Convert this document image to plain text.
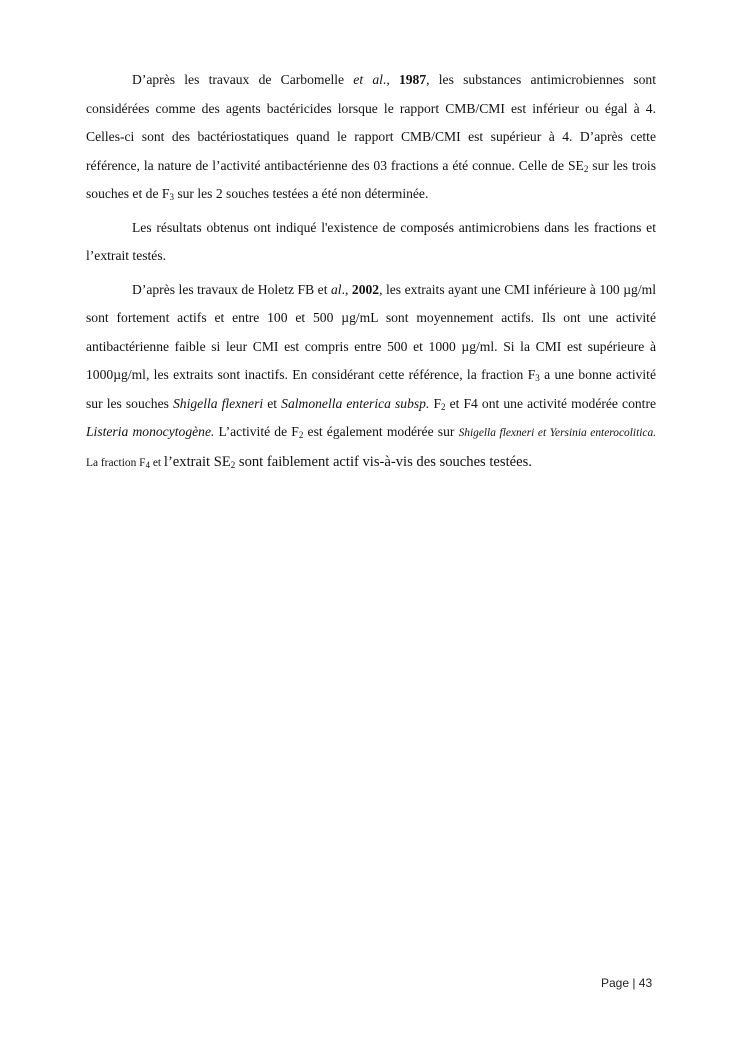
D’après les travaux de Carbomelle et al., 1987, les substances antimicrobiennes sont considérées comme des agents bactéricides lorsque le rapport CMB/CMI est inférieur ou égal à 4. Celles-ci sont des bactériostatiques quand le rapport CMB/CMI est supérieur à 4. D’après cette référence, la nature de l’activité antibactérienne des 03 fractions a été connue. Celle de $SE_2$ sur les trois souches et de $F_3$ sur les 2 souches testées a été non déterminée.

Les résultats obtenus ont indiqué l'existence de composés antimicrobiens dans les fractions et l’extrait testés.

D’après les travaux de Holetz FB et al., 2002, les extraits ayant une CMI inférieure à 100 µg/ml sont fortement actifs et entre 100 et 500 µg/mL sont moyennement actifs. Ils ont une activité antibactérienne faible si leur CMI est compris entre 500 et 1000 µg/ml. Si la CMI est supérieure à 1000µg/ml, les extraits sont inactifs. En considérant cette référence, la fraction $F_3$ a une bonne activité sur les souches Shigella flexneri et Salmonella enterica subsp. $F_2$ et F4 ont une activité modérée contre Listeria monocytogène. L’activité de $F_2$ est également modérée sur Shigella flexneri et Yersinia enterocolitica. La fraction $F_4$ et l’extrait $SE_2$ sont faiblement actif vis-à-vis des souches testées.

Page | 43
